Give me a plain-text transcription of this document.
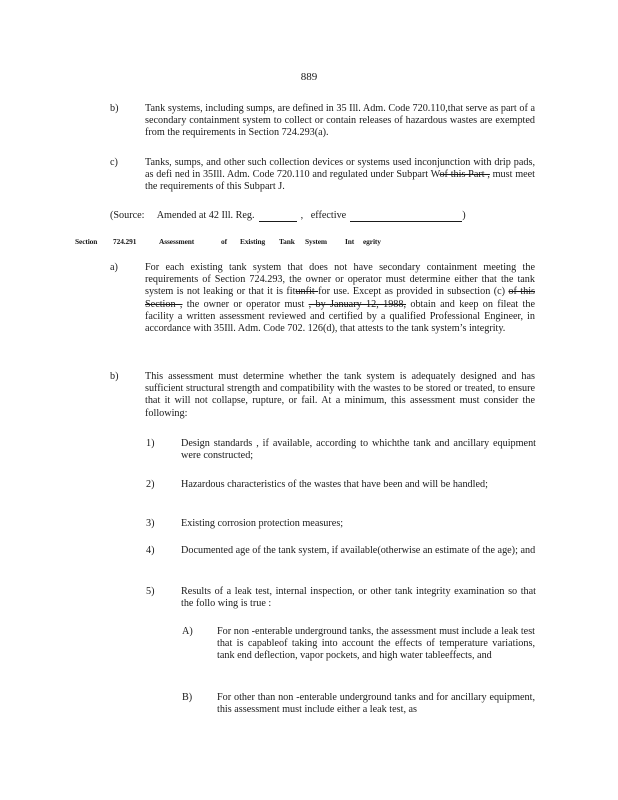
889
b)	Tank systems, including sumps, are defined in 35 Ill. Adm. Code 720.110,that serve as part of a secondary containment system to collect or contain releases of hazardous wastes are exempted from the requirements in Section 724.293(a).
c)	Tanks, sumps, and other such collection devices or systems used inconjunction with drip pads, as defi ned in 35Ill. Adm. Code 720.110 and regulated under Subpart Wof this Part , must meet the requirements of this Subpart J.
(Source: Amended at 42 Ill. Reg.	,   effective	)
Section 724.291	Assessment	of Existing Tank System Int egrity
a)	For each existing tank system that does not have secondary containment meeting the requirements of Section 724.293, the owner or operator must determine either that the tank system is not leaking or that it is fitunfit for use. Except as provided in subsection (c) of this Section , the owner or operator must , by January 12, 1988, obtain and keep on fileat the facility a written assessment reviewed and certified by a qualified Professional Engineer, in accordance with 35Ill. Adm. Code 702. 126(d), that attests to the tank system’s integrity.
b)	This assessment must determine whether the tank system is adequately designed and has sufficient structural strength and compatibility with the wastes to be stored or treated, to ensure that it will not collapse, rupture, or fail. At a minimum, this assessment must consider the following:
1)	Design standards , if available, according to whichthe tank and ancillary equipment were constructed;
2)	Hazardous characteristics of the wastes that have been and will be handled;
3)	Existing corrosion protection measures;
4)	Documented age of the tank system, if available(otherwise an estimate of the age); and
5)	Results of a leak test, internal inspection, or other tank integrity examination so that the follo wing is true :
A) For non -enterable underground tanks, the assessment must include a leak test that is capableof taking into account the effects of temperature variations, tank end deflection, vapor pockets, and high water tableeffects, and
B) For other than non -enterable underground tanks and for ancillary equipment, this assessment must include either a leak test, as
